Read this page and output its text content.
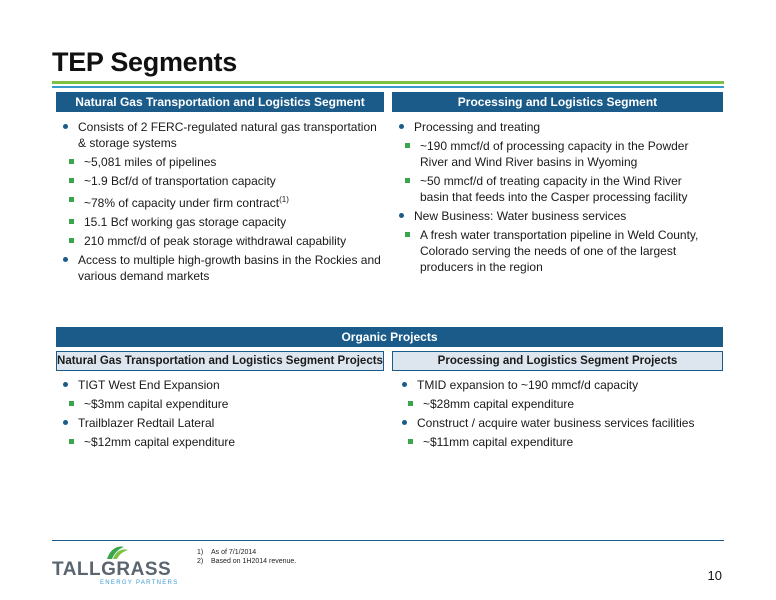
TEP Segments
Natural Gas Transportation and Logistics Segment	Processing and Logistics Segment
Consists of 2 FERC-regulated natural gas transportation & storage systems
~5,081 miles of pipelines
~1.9 Bcf/d of transportation capacity
~78% of capacity under firm contract$^{(1)}$
15.1 Bcf working gas storage capacity
210 mmcf/d of peak storage withdrawal capability
Access to multiple high-growth basins in the Rockies and various demand markets
Processing and treating
~190 mmcf/d of processing capacity in the Powder River and Wind River basins in Wyoming
~50 mmcf/d of treating capacity in the Wind River basin that feeds into the Casper processing facility
New Business: Water business services
A fresh water transportation pipeline in Weld County, Colorado serving the needs of one of the largest producers in the region
Organic Projects
Natural Gas Transportation and Logistics Segment Projects	Processing and Logistics Segment Projects
TIGT West End Expansion
~$3mm capital expenditure
Trailblazer Redtail Lateral
~$12mm capital expenditure
TMID expansion to ~190 mmcf/d capacity
~$28mm capital expenditure
Construct / acquire water business services facilities
~$11mm capital expenditure
TALLGRASS
ENERGY PARTNERS
1)	As of 7/1/2014
2)	Based on 1H2014 revenue.
10
